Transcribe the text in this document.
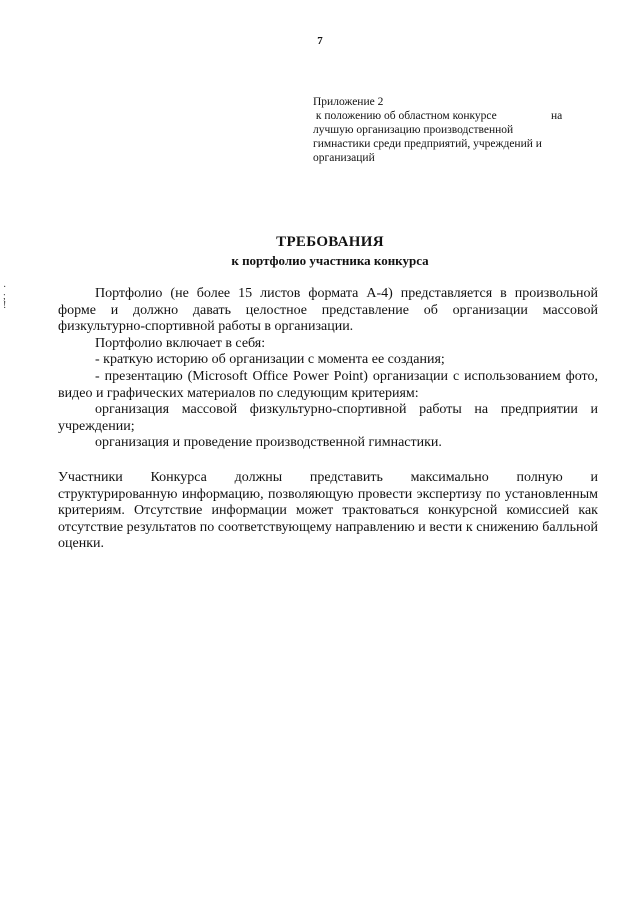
7
·
;
!
Приложение 2
к положению об областном конкурсе	на
лучшую организацию производственной
гимнастики среди предприятий, учреждений и
организаций
ТРЕБОВАНИЯ
к портфолио участника конкурса

Портфолио (не более 15 листов формата А-4) представляется в произвольной форме и должно давать целостное представление об организации массовой физкультурно-спортивной работы в организации.

Портфолио включает в себя:

- краткую историю об организации с момента ее создания;

- презентацию (Microsoft Office Power Point) организации с использованием фото, видео и графических материалов по следующим критериям:

организация массовой физкультурно-спортивной работы на предприятии и учреждении;

организация и проведение производственной гимнастики.

Участники Конкурса должны представить максимально полную и

структурированную информацию, позволяющую провести экспертизу по установленным критериям. Отсутствие информации может трактоваться конкурсной комиссией как отсутствие результатов по соответствующему направлению и вести к снижению балльной оценки.
